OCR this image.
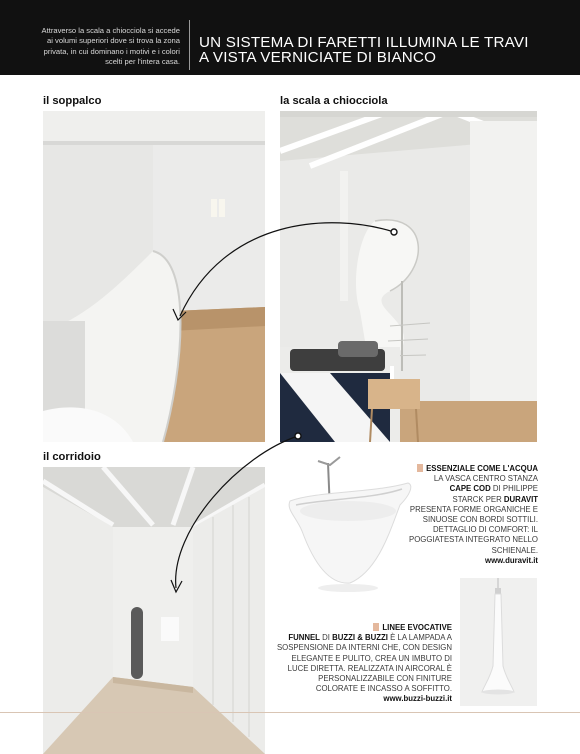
Attraverso la scala a chiocciola si accede ai volumi superiori dove si trova la zona privata, in cui dominano i motivi e i colori scelti per l'intera casa.
UN SISTEMA DI FARETTI ILLUMINA LE TRAVI
A VISTA VERNICIATE DI BIANCO
il soppalco	la scala a chiocciola
il corridoio
ESSENZIALE COME L'ACQUA
LA VASCA CENTRO STANZA
CAPE COD DI PHILIPPE
STARCK PER DURAVIT
PRESENTA FORME ORGANICHE E SINUOSE CON BORDI SOTTILI. DETTAGLIO DI COMFORT: IL POGGIATESTA INTEGRATO NELLO SCHIENALE.
www.duravit.it
LINEE EVOCATIVE
FUNNEL DI BUZZI & BUZZI È LA LAMPADA A SOSPENSIONE DA INTERNI CHE, CON DESIGN ELEGANTE E PULITO, CREA UN IMBUTO DI LUCE DIRETTA. REALIZZATA IN AIRCORAL È PERSONALIZZABILE CON FINITURE COLORATE E INCASSO A SOFFITTO.
www.buzzi-buzzi.it
